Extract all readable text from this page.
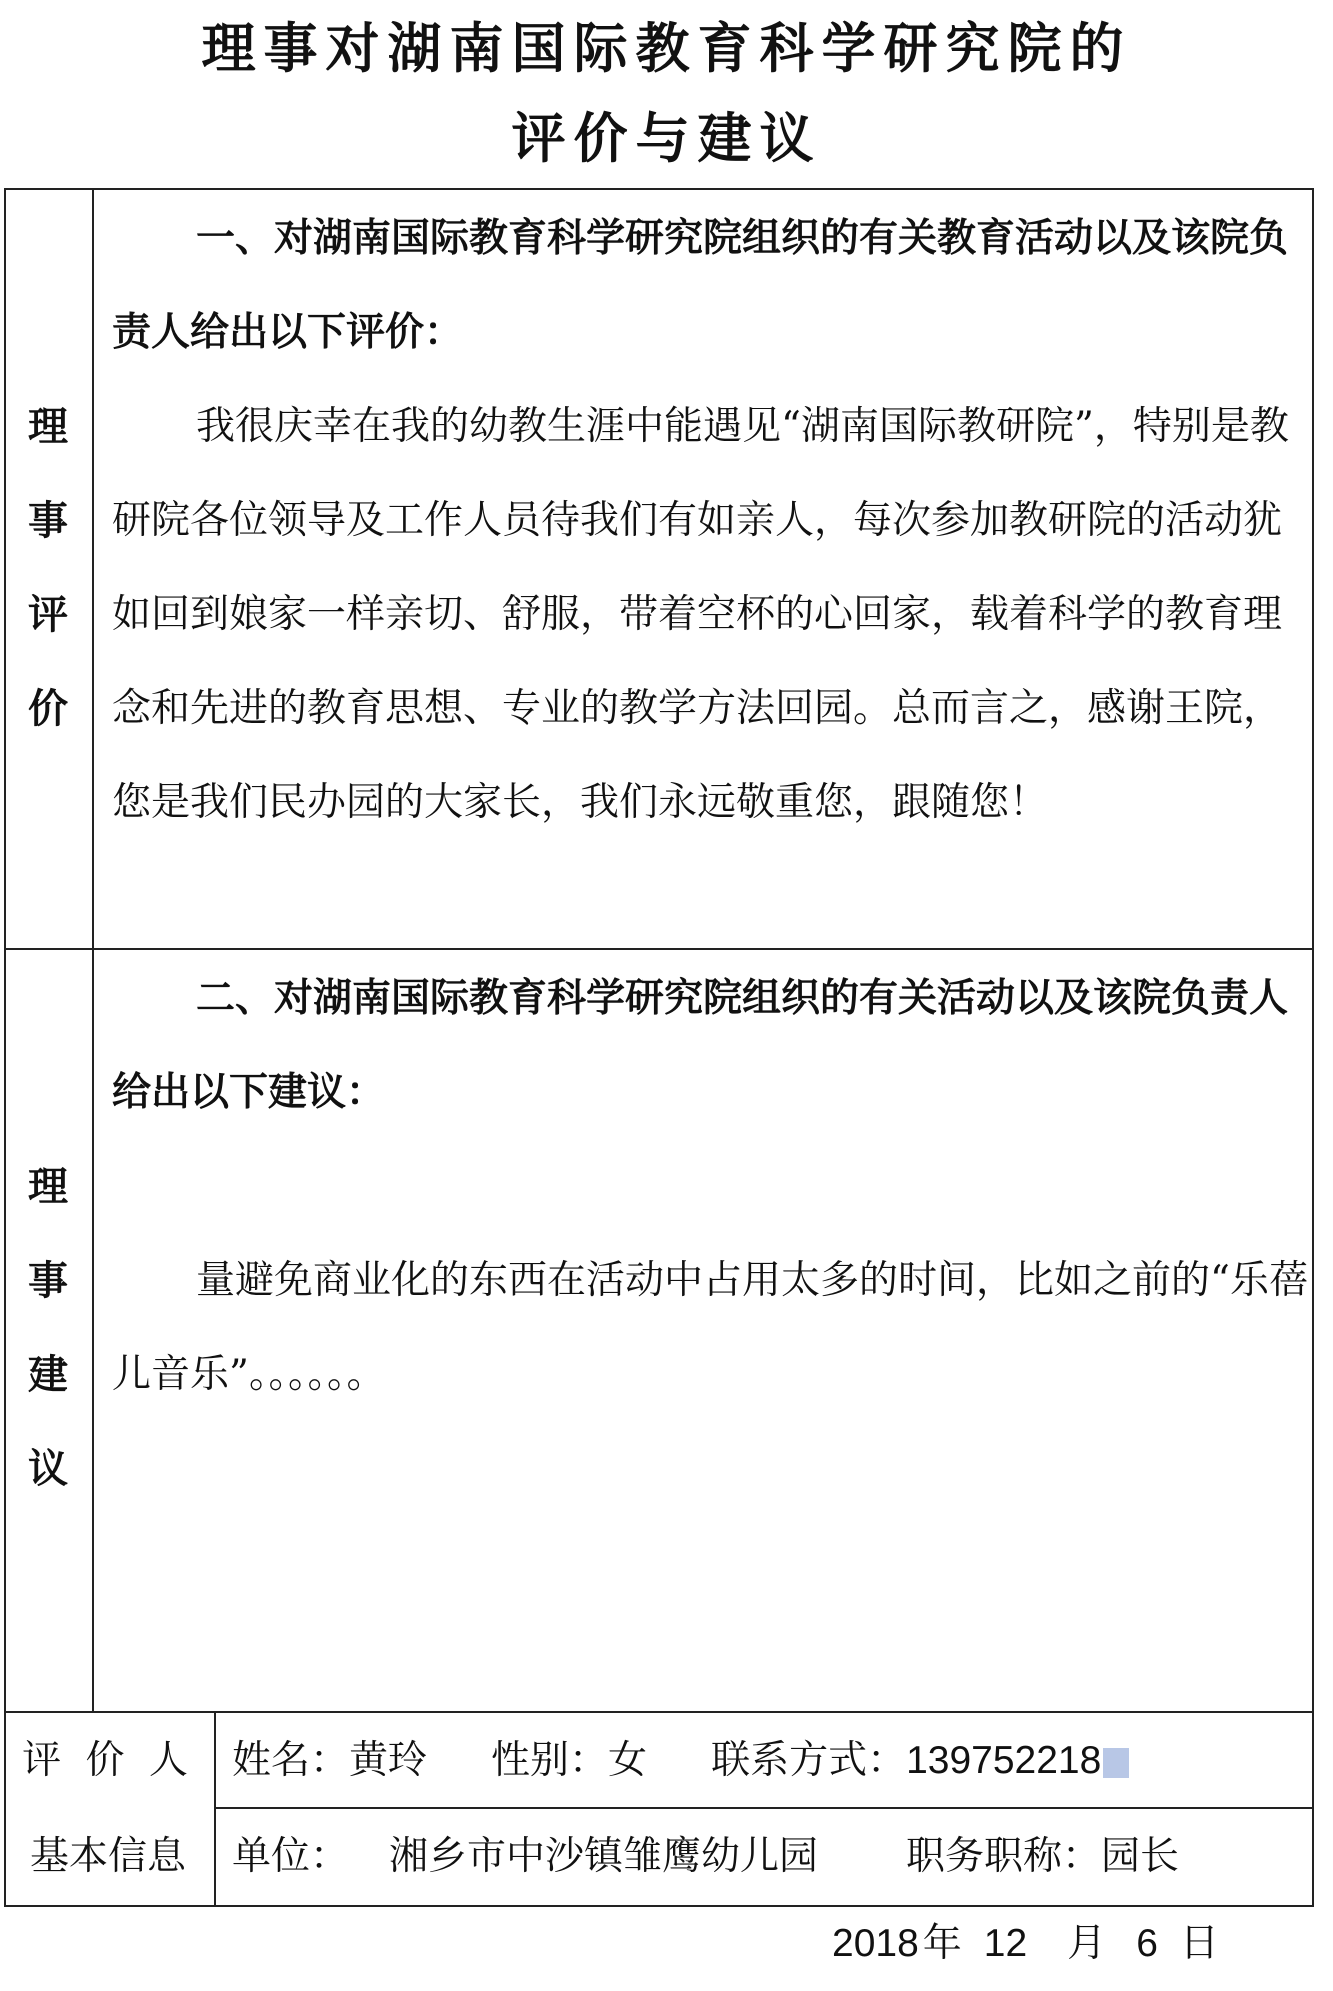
理事对湖南国际教育科学研究院的
评价与建议
理
事
评
价

一、对湖南国际教育科学研究院组织的有关教育活动以及该院负责人给出以下评价：

我很庆幸在我的幼教生涯中能遇见“湖南国际教研院”，特别是教研院各位领导及工作人员待我们有如亲人，每次参加教研院的活动犹如回到娘家一样亲切、舒服，带着空杯的心回家，载着科学的教育理念和先进的教育思想、专业的教学方法回园。总而言之，感谢王院，您是我们民办园的大家长，我们永远敬重您，跟随您！

理
事
建
议

二、对湖南国际教育科学研究院组织的有关活动以及该院负责人给出以下建议：

量避免商业化的东西在活动中占用太多的时间，比如之前的“乐蓓儿音乐”。。。。。。

评 价 人
基本信息
姓名：黄玲 性别：女 联系方式：139752218
单位： 湘乡市中沙镇雏鹰幼儿园 职务职称：园长
2018 年 12 月 6 日
